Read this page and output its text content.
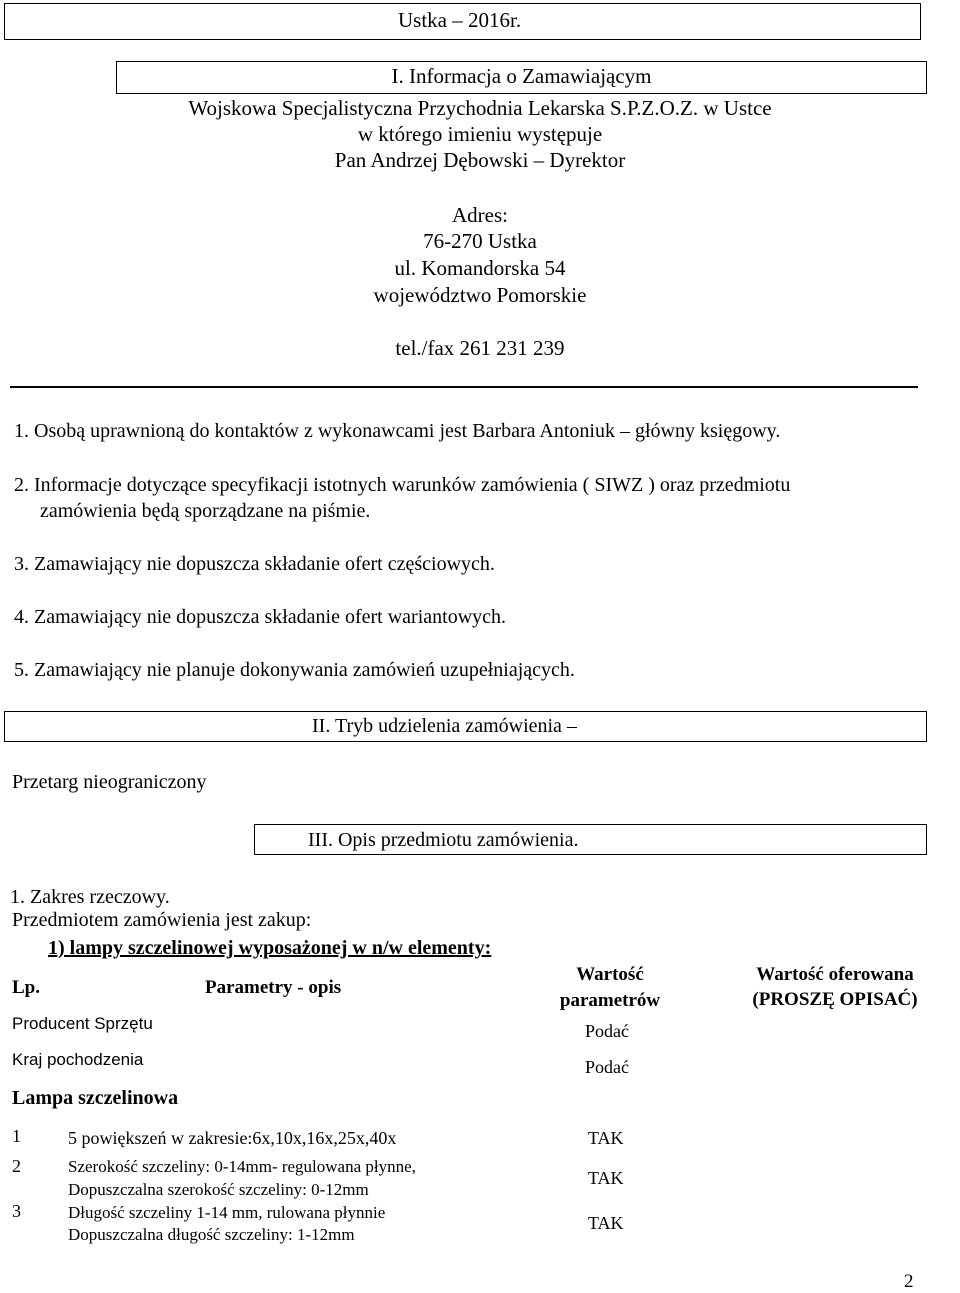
Ustka – 2016r.
I. Informacja o Zamawiającym
Wojskowa Specjalistyczna Przychodnia Lekarska S.P.Z.O.Z. w Ustce
w którego imieniu występuje
Pan Andrzej Dębowski – Dyrektor
Adres:
76-270 Ustka
ul. Komandorska 54
województwo Pomorskie
tel./fax 261 231 239
1. Osobą uprawnioną do kontaktów z wykonawcami jest Barbara Antoniuk – główny księgowy.
2. Informacje dotyczące specyfikacji istotnych warunków zamówienia ( SIWZ ) oraz przedmiotu
zamówienia będą sporządzane na piśmie.
3. Zamawiający nie dopuszcza składanie ofert częściowych.
4. Zamawiający nie dopuszcza składanie ofert wariantowych.
5. Zamawiający nie planuje dokonywania zamówień uzupełniających.
II. Tryb udzielenia zamówienia –
Przetarg nieograniczony
III. Opis przedmiotu zamówienia.
1. Zakres rzeczowy.
Przedmiotem zamówienia jest zakup:
1) lampy szczelinowej wyposażonej w n/w elementy:
Lp.	Parametry - opis
Wartość
parametrów
Wartość oferowana
(PROSZĘ OPISAĆ)
Producent Sprzętu	Podać
Kraj pochodzenia	Podać
Lampa szczelinowa
1	5 powiększeń w zakresie:6x,10x,16x,25x,40x	TAK
2	Szerokość szczeliny: 0-14mm- regulowana płynne,
Dopuszczalna szerokość szczeliny: 0-12mm
TAK
3	Długość szczeliny 1-14 mm, rulowana płynnie
Dopuszczalna długość szczeliny: 1-12mm
TAK
2
